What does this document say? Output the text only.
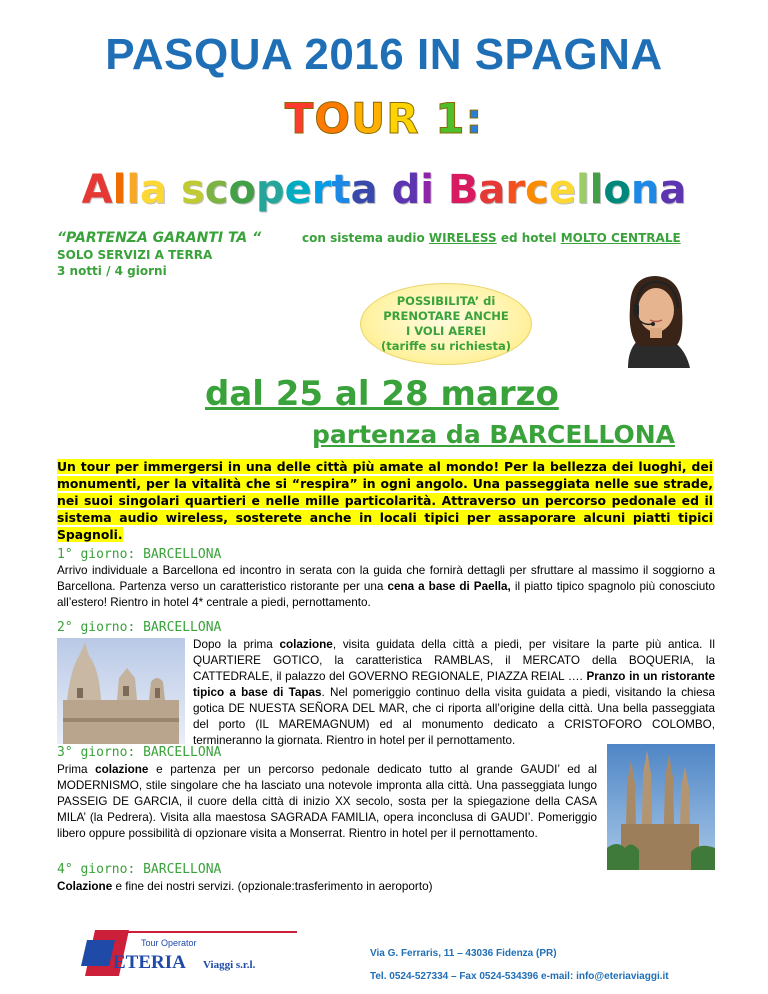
PASQUA 2016 IN SPAGNA
TOUR 1:
Alla scoperta di Barcellona
“PARTENZA GARANTI TA “	con sistema audio WIRELESS ed hotel MOLTO CENTRALE
SOLO SERVIZI A TERRA
3 notti / 4 giorni
POSSIBILITA’ di
PRENOTARE ANCHE
I VOLI AEREI
(tariffe su richiesta)
dal 25 al 28 marzo
partenza da BARCELLONA
Un tour per immergersi in una delle città più amate al mondo! Per la bellezza dei luoghi, dei monumenti, per la vitalità che si “respira” in ogni angolo. Una passeggiata nelle sue strade, nei suoi singolari quartieri e nelle mille particolarità. Attraverso un percorso pedonale ed il sistema audio wireless, sosterete anche in locali tipici per assaporare alcuni piatti tipici Spagnoli.
1° giorno: BARCELLONA
Arrivo individuale a Barcellona ed incontro in serata con la guida che fornirà dettagli per sfruttare al massimo il soggiorno a Barcellona. Partenza verso un caratteristico ristorante per una cena a base di Paella, il piatto tipico spagnolo più conosciuto all’estero! Rientro in hotel 4* centrale a piedi, pernottamento.
2° giorno: BARCELLONA
Dopo la prima colazione, visita guidata della città a piedi, per visitare la parte più antica. Il QUARTIERE GOTICO, la caratteristica RAMBLAS, il MERCATO della BOQUERIA, la CATTEDRALE, il palazzo del GOVERNO REGIONALE, PIAZZA REIAL …. Pranzo in un ristorante tipico a base di Tapas. Nel pomeriggio continuo della visita guidata a piedi, visitando la chiesa gotica DE NUESTA SEÑORA DEL MAR, che ci riporta all’origine della città. Una bella passeggiata del porto (IL MAREMAGNUM) ed al monumento dedicato a CRISTOFORO COLOMBO, termineranno la giornata. Rientro in hotel per il pernottamento.
3° giorno: BARCELLONA
Prima colazione e partenza per un percorso pedonale dedicato tutto al grande GAUDI’ ed al MODERNISMO, stile singolare che ha lasciato una notevole impronta alla città. Una passeggiata lungo PASSEIG DE GARCIA, il cuore della città di inizio XX secolo, sosta per la spiegazione della CASA MILA’ (la Pedrera). Visita alla maestosa SAGRADA FAMILIA, opera inconclusa di GAUDI’. Pomeriggio libero oppure possibilità di opzionare visita a Monserrat. Rientro in hotel per il pernottamento.
4° giorno: BARCELLONA
Colazione e fine dei nostri servizi. (opzionale:trasferimento in aeroporto)
Tour Operator
ETERIA Viaggi s.r.l.
Via G. Ferraris, 11 – 43036 Fidenza (PR)
Tel. 0524-527334 – Fax 0524-534396 e-mail: info@eteriaviaggi.it
